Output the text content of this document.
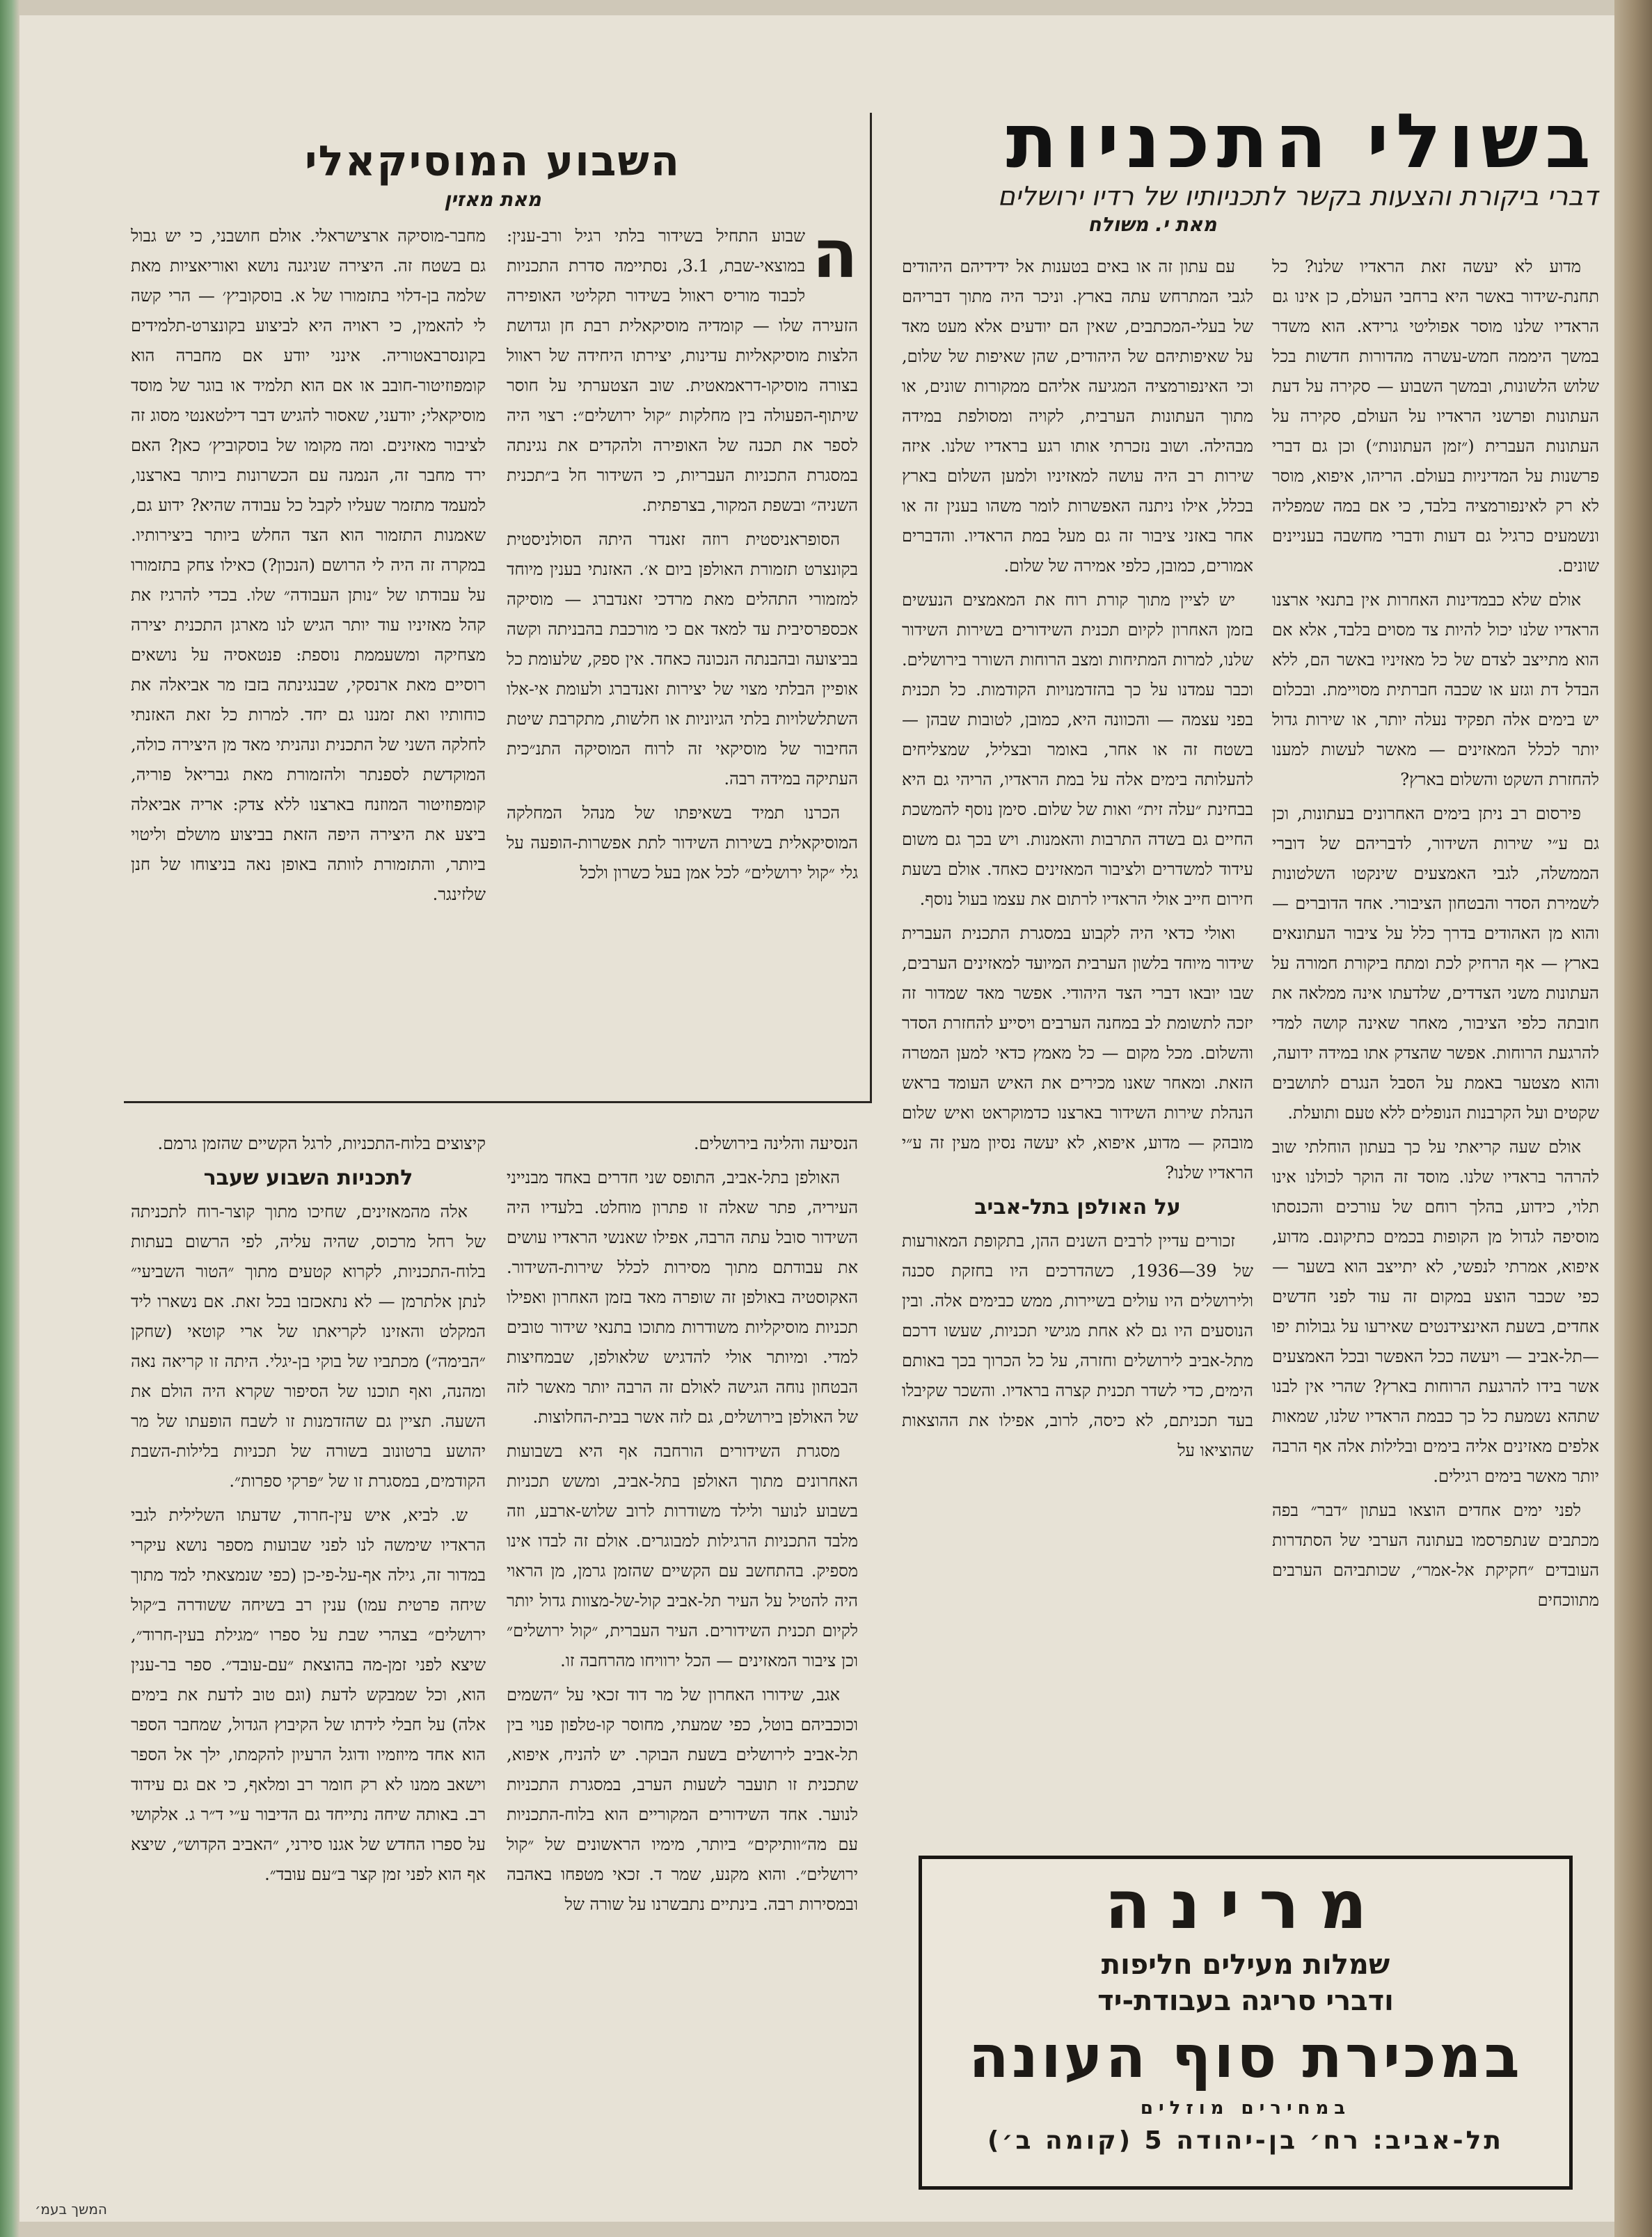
בשולי התכניות
דברי ביקורת והצעות בקשר לתכניותיו של רדיו ירושלים
מאת י. משולח
השבוע המוסיקאלי
מאת מאזין

מדוע לא יעשה זאת הראדיו שלנו? כל תחנת-שידור באשר היא ברחבי העולם, כן אינו גם הראדיו שלנו מוסר אפוליטי גרידא. הוא משדר במשך היממה חמש-עשרה מהדורות חדשות בכל שלוש הלשונות, ובמשך השבוע — סקירה על דעת העתונות ופרשני הראדיו על העולם, סקירה על העתונות העברית (״זמן העתונות״) וכן גם דברי פרשנות על המדיניות בעולם. הריהו, איפוא, מוסר לא רק לאינפורמציה בלבד, כי אם במה שמפליה ונשמעים כרגיל גם דעות ודברי מחשבה בעניינים שונים.

אולם שלא כבמדינות האחרות אין בתנאי ארצנו הראדיו שלנו יכול להיות צד מסוים בלבד, אלא אם הוא מתייצב לצדם של כל מאזיניו באשר הם, ללא הבדל דת וגזע או שכבה חברתית מסויימת. ובכלום יש בימים אלה תפקיד נעלה יותר, או שירות גדול יותר לכלל המאזינים — מאשר לעשות למענו להחזרת השקט והשלום בארץ?

פירסום רב ניתן בימים האחרונים בעתונות, וכן גם ע״י שירות השידור, לדבריהם של דוברי הממשלה, לגבי האמצעים שינקטו השלטונות לשמירת הסדר והבטחון הציבורי. אחד הדוברים — והוא מן האהודים בדרך כלל על ציבור העתונאים בארץ — אף הרחיק לכת ומתח ביקורת חמורה על העתונות משני הצדדים, שלדעתו אינה ממלאה את חובתה כלפי הציבור, מאחר שאינה קושה למדי להרגעת הרוחות. אפשר שהצדק אתו במידה ידועה, והוא מצטער באמת על הסבל הנגרם לתושבים שקטים ועל הקרבנות הנופלים ללא טעם ותועלת.

אולם שעה קריאתי על כך בעתון הוחלתי שוב להרהר בראדיו שלנו. מוסד זה הוקר לכולנו אינו תלוי, כידוע, בהלך רוחם של עורכים והכנסתו מוסיפה לגדול מן הקופות בכמים כתיקונם. מדוע, איפוא, אמרתי לנפשי, לא יתייצב הוא בשער — כפי שכבר הוצע במקום זה עוד לפני חדשים אחדים, בשעת האינצידנטים שאירעו על גבולות יפו—תל-אביב — ויעשה ככל האפשר ובכל האמצעים אשר בידו להרגעת הרוחות בארץ? שהרי אין לבנו שתהא נשמעת כל כך כבמת הראדיו שלנו, שמאות אלפים מאזינים אליה בימים ובלילות אלה אף הרבה יותר מאשר בימים רגילים.

לפני ימים אחדים הוצאו בעתון ״דבר״ בפה מכתבים שנתפרסמו בעתונה הערבי של הסתדרות העובדים ״חקיקת אל-אמר״, שכותביהם הערבים מתווכחים

עם עתון זה או באים בטענות אל ידידיהם היהודים לגבי המתרחש עתה בארץ. וניכר היה מתוך דבריהם של בעלי-המכתבים, שאין הם יודעים אלא מעט מאד על שאיפותיהם של היהודים, שהן שאיפות של שלום, וכי האינפורמציה המגיעה אליהם ממקורות שונים, או מתוך העתונות הערבית, לקויה ומסולפת במידה מבהילה. ושוב נזכרתי אותו רגע בראדיו שלנו. איזה שירות רב היה עושה למאזיניו ולמען השלום בארץ בכלל, אילו ניתנה האפשרות לומר משהו בענין זה או אחר באזני ציבור זה גם מעל במת הראדיו. והדברים אמורים, כמובן, כלפי אמירה של שלום.

יש לציין מתוך קורת רוח את המאמצים הנעשים בזמן האחרון לקיום תכנית השידורים בשירות השידור שלנו, למרות המתיחות ומצב הרוחות השורר בירושלים. וכבר עמדנו על כך בהזדמנויות הקודמות. כל תכנית בפני עצמה — והכוונה היא, כמובן, לטובות שבהן — בשטח זה או אחר, באומר ובצליל, שמצליחים להעלותה בימים אלה על במת הראדיו, הריהי גם היא בבחינת ״עלה זית״ ואות של שלום. סימן נוסף להמשכת החיים גם בשדה התרבות והאמנות. ויש בכך גם משום עידוד למשדרים ולציבור המאזינים כאחד. אולם בשעת חירום חייב אולי הראדיו לרתום את עצמו בעול נוסף.

ואולי כדאי היה לקבוע במסגרת התכנית העברית שידור מיוחד בלשון הערבית המיועד למאזינים הערבים, שבו יובאו דברי הצד היהודי. אפשר מאד שמדור זה יזכה לתשומת לב במחנה הערבים ויסייע להחזרת הסדר והשלום. מכל מקום — כל מאמץ כדאי למען המטרה הזאת. ומאחר שאנו מכירים את האיש העומד בראש הנהלת שירות השידור בארצנו כדמוקראט ואיש שלום מובהק — מדוע, איפוא, לא יעשה נסיון מעין זה ע״י הראדיו שלנו?

על האולפן בתל-אביב

זכורים עדיין לרבים השנים ההן, בתקופת המאורעות של 39—1936, כשהדרכים היו בחזקת סכנה ולירושלים היו עולים בשיירות, ממש כבימים אלה. ובין הנוסעים היו גם לא אחת מגישי תכניות, שעשו דרכם מתל-אביב לירושלים וחזרה, על כל הכרוך בכך באותם הימים, כדי לשדר תכנית קצרה בראדיו. והשכר שקיבלו בעד תכניתם, לא כיסה, לרוב, אפילו את ההוצאות שהוציאו על

ה
שבוע התחיל בשידור בלתי רגיל ורב-ענין: במוצאי-שבת, 3.1, נסתיימה סדרת התכניות לכבוד מוריס ראוול בשידור תקליטי האופירה הזעירה שלו — קומדיה מוסיקאלית רבת חן וגדושת הלצות מוסיקאליות עדינות, יצירתו היחידה של ראוול בצורה מוסיקו-דראמאטית. שוב הצטערתי על חוסר שיתוף-הפעולה בין מחלקות ״קול ירושלים״: רצוי היה לספר את תכנה של האופירה ולהקדים את נגינתה במסגרת התכניות העבריות, כי השידור חל ב״תכנית השניה״ ובשפת המקור, בצרפתית.

הסופראניסטית רוזה זאנדר היתה הסולניסטית בקונצרט תזמורת האולפן ביום א׳. האזנתי בענין מיוחד למזמורי התהלים מאת מרדכי זאנדברג — מוסיקה אכספרסיבית עד למאד אם כי מורכבת בהבניתה וקשה בביצועה ובהבנתה הנכונה כאחד. אין ספק, שלעומת כל אופיין הבלתי מצוי של יצירות זאנדברג ולעומת אי-אלו השתלשלויות בלתי הגיוניות או חלשות, מתקרבת שיטת החיבור של מוסיקאי זה לרוח המוסיקה התנ״כית העתיקה במידה רבה.

הכרנו תמיד בשאיפתו של מנהל המחלקה המוסיקאלית בשירות השידור לתת אפשרות-הופעה על גלי ״קול ירושלים״ לכל אמן בעל כשרון ולכל

מחבר-מוסיקה ארצישראלי. אולם חושבני, כי יש גבול גם בשטח זה. היצירה שניגנה נושא ואוריאציות מאת שלמה בן-דלוי בתזמורו של א. בוסקוביץ׳ — הרי קשה לי להאמין, כי ראויה היא לביצוע בקונצרט-תלמידים בקונסרבאטוריה. אינני יודע אם מחברה הוא קומפוזיטור-חובב או אם הוא תלמיד או בוגר של מוסד מוסיקאלי; יודעני, שאסור להגיש דבר דילטאנטי מסוג זה לציבור מאזינים. ומה מקומו של בוסקוביץ׳ כאן? האם ירד מחבר זה, הנמנה עם הכשרונות ביותר בארצנו, למעמד מתזמר שעליו לקבל כל עבודה שהיא? ידוע גם, שאמנות התזמור הוא הצד החלש ביותר ביצירותיו. במקרה זה היה לי הרושם (הנכון?) כאילו צחק בתזמורו על עבודתו של ״נותן העבודה״ שלו. בכדי להרגיז את קהל מאזיניו עוד יותר הגיש לנו מארגן התכנית יצירה מצחיקה ומשעממת נוספת: פנטאסיה על נושאים רוסיים מאת ארנסקי, שבנגינתה בזבז מר אביאלה את כוחותיו ואת זמננו גם יחד. למרות כל זאת האזנתי לחלקה השני של התכנית ונהניתי מאד מן היצירה כולה, המוקדשת לספנתר ולהזמורת מאת גבריאל פוריה, קומפוזיטור המוזנח בארצנו ללא צדק: אריה אביאלה ביצע את היצירה היפה הזאת בביצוע מושלם וליטוי ביותר, והתזמורת לוותה באופן נאה בניצוחו של חנן שלזינגר.

הנסיעה והלינה בירושלים.

האולפן בתל-אביב, התופס שני חדרים באחד מבנייני העיריה, פתר שאלה זו פתרון מוחלט. בלעדיו היה השידור סובל עתה הרבה, אפילו שאנשי הראדיו עושים את עבודתם מתוך מסירות לכלל שירות-השידור. האקוסטיה באולפן זה שופרה מאד בזמן האחרון ואפילו תכניות מוסיקליות משודרות מתוכו בתנאי שידור טובים למדי. ומיותר אולי להדגיש שלאולפן, שבמחיצות הבטחון נוחה הגישה לאולם זה הרבה יותר מאשר לזה של האולפן בירושלים, גם לזה אשר בבית-החלוצות.

מסגרת השידורים הורחבה אף היא בשבועות האחרונים מתוך האולפן בתל-אביב, ומשש תכניות בשבוע לנוער ולילד משודרות לרוב שלוש-ארבע, וזה מלבד התכניות הרגילות למבוגרים. אולם זה לבדו אינו מספיק. בהתחשב עם הקשיים שהזמן גרמן, מן הראוי היה להטיל על העיר תל-אביב קול-של-מצוות גדול יותר לקיום תכנית השידורים. העיר העברית, ״קול ירושלים״ וכן ציבור המאזינים — הכל ירוויחו מהרחבה זו.

אגב, שידורו האחרון של מר דוד זכאי על ״השמים וכוכביהם בוטל, כפי שמעתי, מחוסר קו-טלפון פנוי בין תל-אביב לירושלים בשעת הבוקר. יש להניח, איפוא, שתכנית זו תועבר לשעות הערב, במסגרת התכניות לנוער. אחד השידורים המקוריים הוא בלוח-התכניות עם מה״וותיקים״ ביותר, מימיו הראשונים של ״קול ירושלים״. והוא מקנע, שמר ד. זכאי מטפחו באהבה ובמסירות רבה. בינתיים נתבשרנו על שורה של

קיצוצים בלוח-התכניות, לרגל הקשיים שהזמן גרמם.

לתכניות השבוע שעבר

אלה מהמאזינים, שחיכו מתוך קוצר-רוח לתכניתה של רחל מרכוס, שהיה עליה, לפי הרשום בעתות בלוח-התכניות, לקרוא קטעים מתוך ״הטור השביעי״ לנתן אלתרמן — לא נתאכזבו בכל זאת. אם נשארו ליד המקלט והאזינו לקריאתו של ארי קוטאי (שחקן ״הבימה״) מכתביו של בוקי בן-יגלי. היתה זו קריאה נאה ומהנה, ואף תוכנו של הסיפור שקרא היה הולם את השעה. תציין גם שהזדמנות זו לשבח הופעתו של מר יהושע ברטונוב בשורה של תכניות בלילות-השבת הקודמים, במסגרת זו של ״פרקי ספרות״.

ש. לביא, איש עין-חרוד, שדעתו השלילית לגבי הראדיו שימשה לנו לפני שבועות מספר נושא עיקרי במדור זה, גילה אף-על-פי-כן (כפי שנמצאתי למד מתוך שיחה פרטית עמו) ענין רב בשיחה ששודרה ב״קול ירושלים״ בצהרי שבת על ספרו ״מגילת בעין-חרוד״, שיצא לפני זמן-מה בהוצאת ״עם-עובד״. ספר בר-ענין הוא, וכל שמבקש לדעת (וגם טוב לדעת את בימים אלה) על חבלי לידתו של הקיבוץ הגדול, שמחבר הספר הוא אחד מיוזמיו ודוגל הרעיון להקמתו, ילך אל הספר וישאב ממנו לא רק חומר רב ומלאף, כי אם גם עידוד רב. באותה שיחה נתייחד גם הדיבור ע״י ד״ר ג. אלקושי על ספרו החדש של אגנו סירני, ״האביב הקדוש״, שיצא אף הוא לפני זמן קצר ב״עם עובד״.	מרינה
שמלות מעילים חליפות
ודברי סריגה בעבודת-יד
במכירת סוף העונה
במחירים מוזלים
תל-אביב: רח׳ בן-יהודה 5 (קומה ב׳)
המשך בעמ׳
